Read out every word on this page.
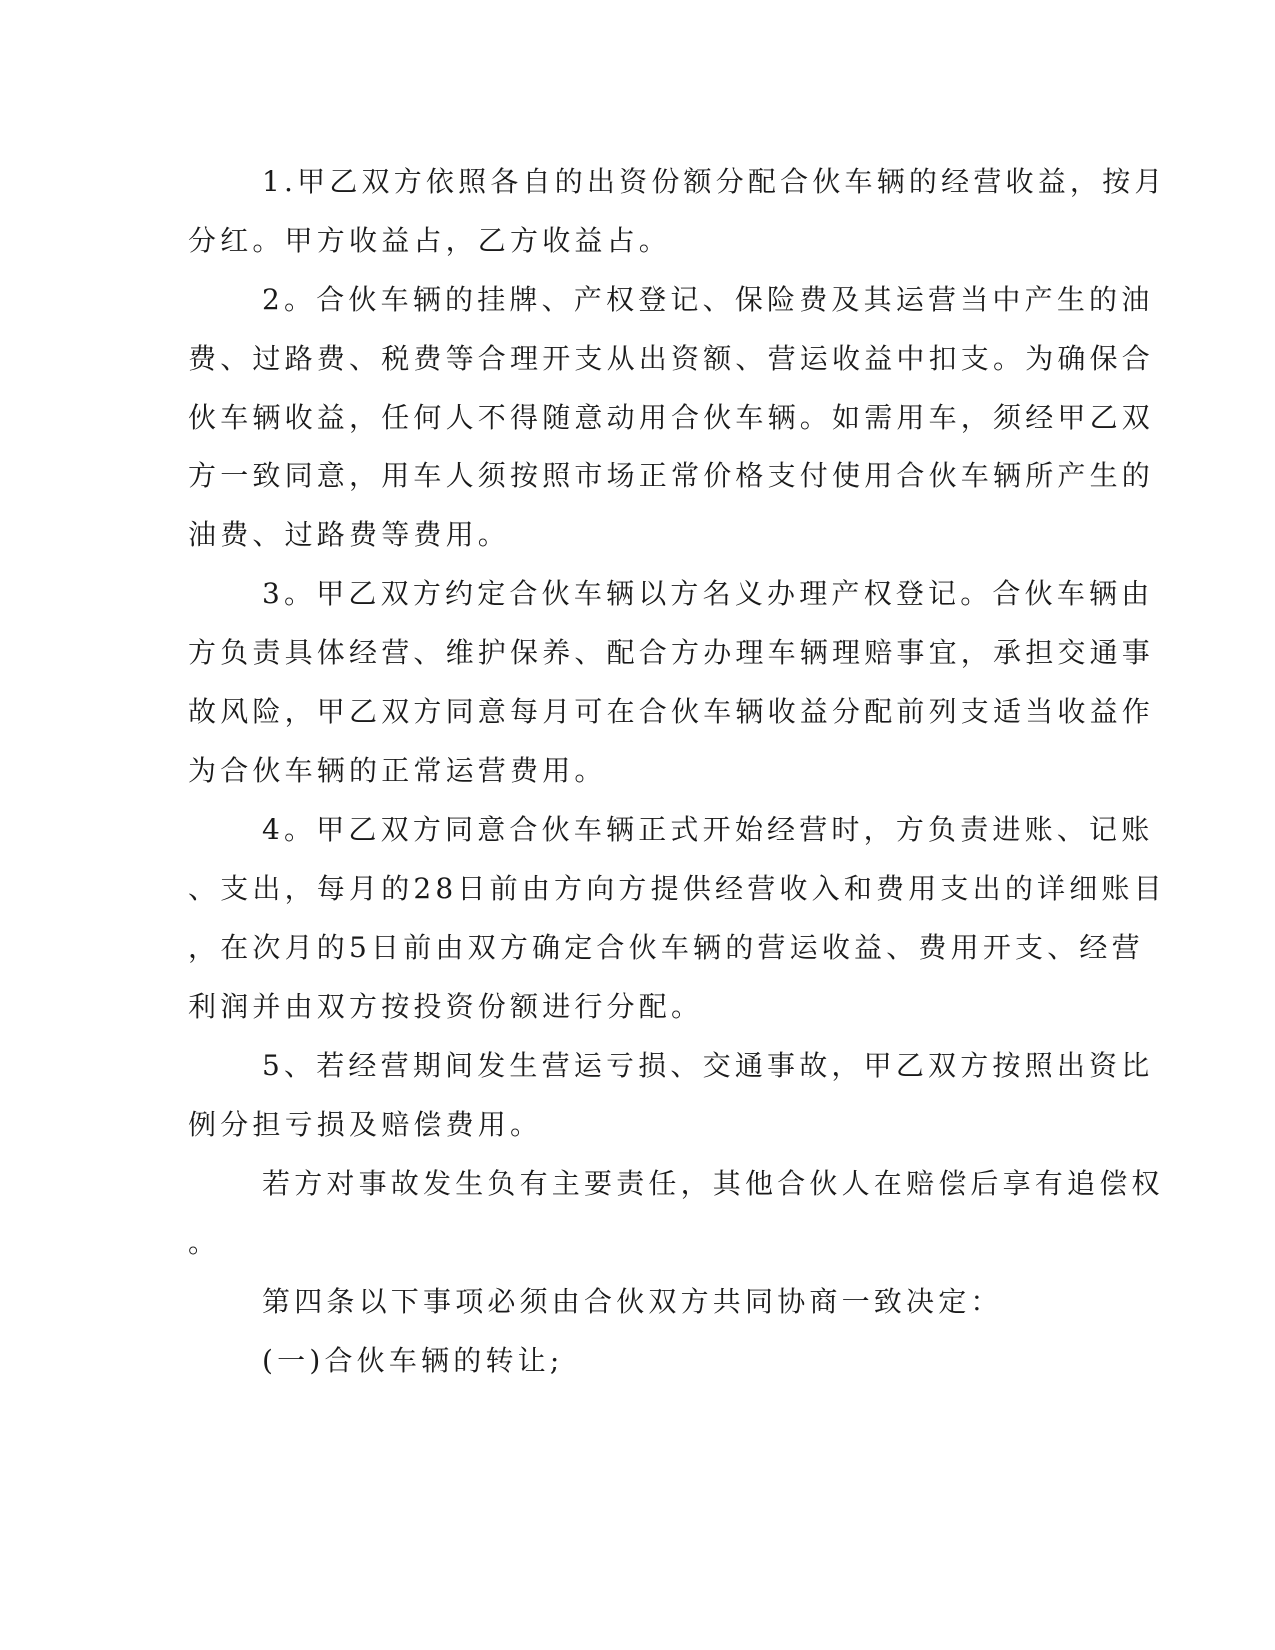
1.甲乙双方依照各自的出资份额分配合伙车辆的经营收益，按月
分红。甲方收益占，乙方收益占。
2。合伙车辆的挂牌、产权登记、保险费及其运营当中产生的油
费、过路费、税费等合理开支从出资额、营运收益中扣支。为确保合
伙车辆收益，任何人不得随意动用合伙车辆。如需用车，须经甲乙双
方一致同意，用车人须按照市场正常价格支付使用合伙车辆所产生的
油费、过路费等费用。
3。甲乙双方约定合伙车辆以方名义办理产权登记。合伙车辆由
方负责具体经营、维护保养、配合方办理车辆理赔事宜，承担交通事
故风险，甲乙双方同意每月可在合伙车辆收益分配前列支适当收益作
为合伙车辆的正常运营费用。
4。甲乙双方同意合伙车辆正式开始经营时，方负责进账、记账
、支出，每月的28日前由方向方提供经营收入和费用支出的详细账目
，在次月的5日前由双方确定合伙车辆的营运收益、费用开支、经营
利润并由双方按投资份额进行分配。
5、若经营期间发生营运亏损、交通事故，甲乙双方按照出资比
例分担亏损及赔偿费用。
若方对事故发生负有主要责任，其他合伙人在赔偿后享有追偿权
。
第四条以下事项必须由合伙双方共同协商一致决定：
(一)合伙车辆的转让;
